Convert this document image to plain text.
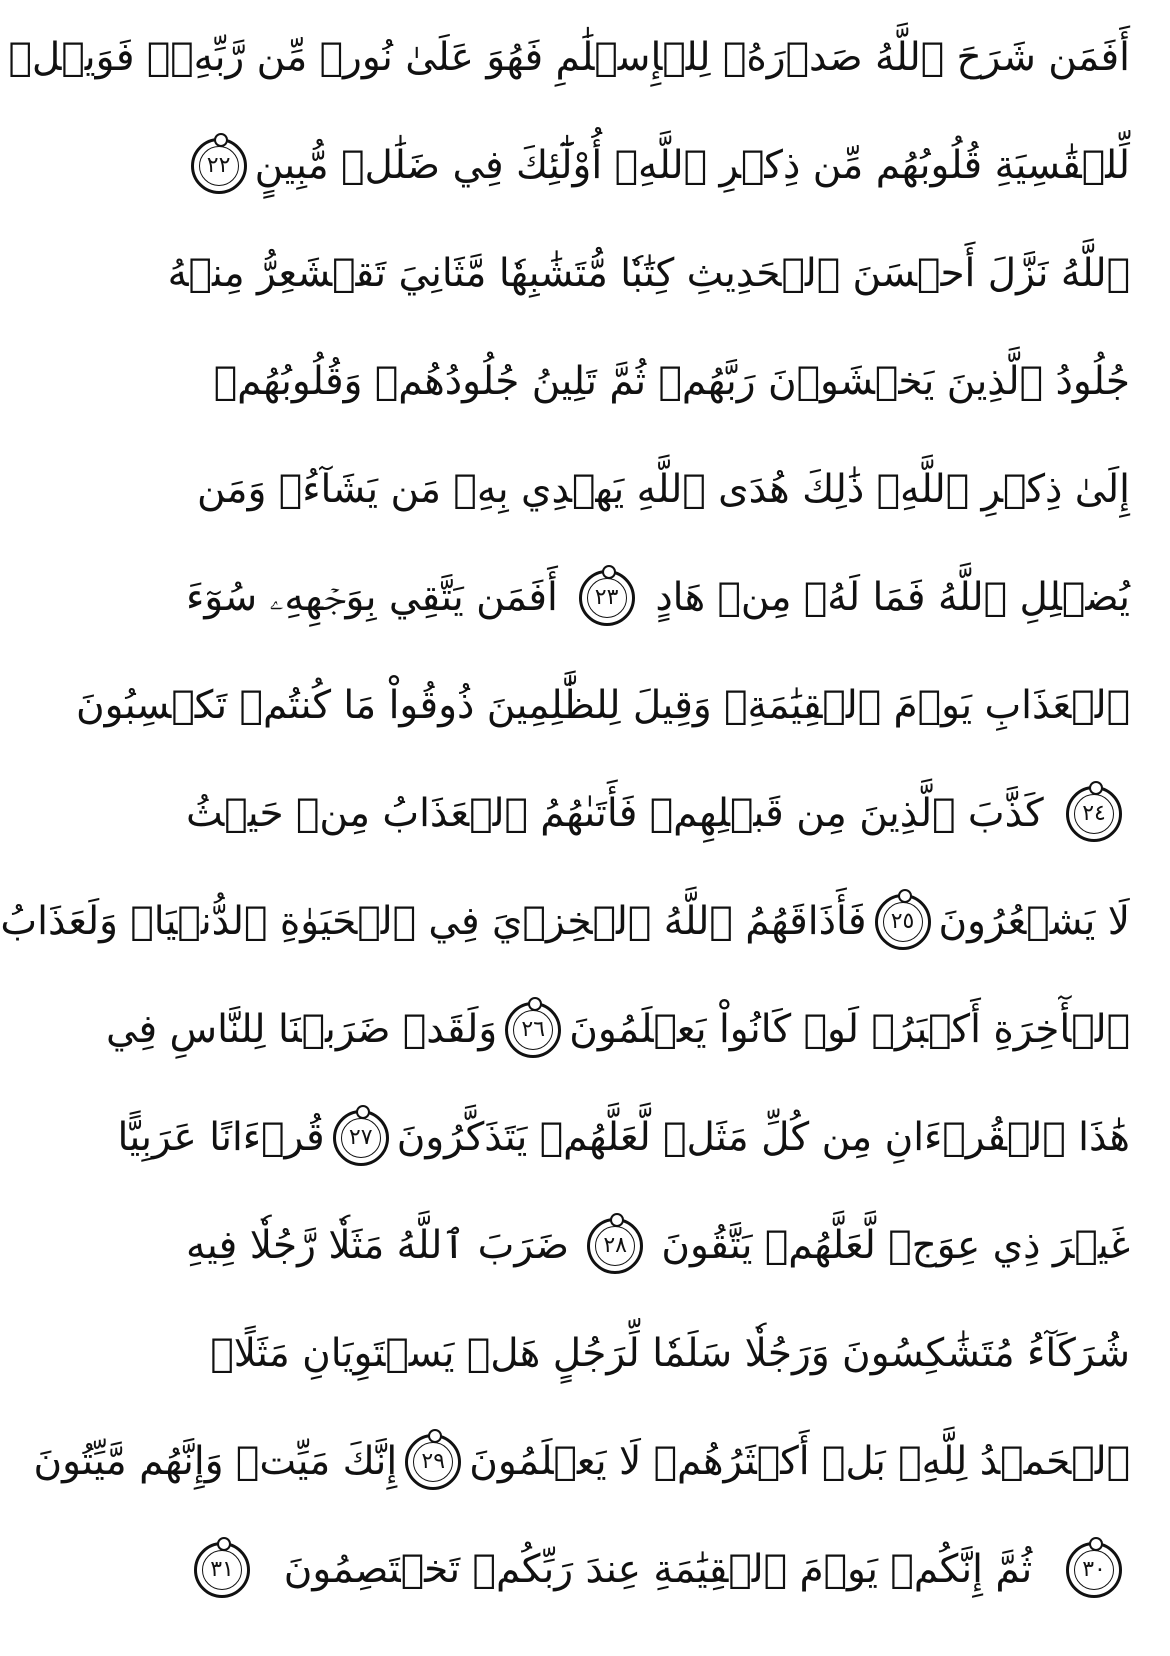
أَفَمَن شَرَحَ ٱللَّهُ صَدۡرَهُۥ لِلۡإِسۡلَٰمِ فَهُوَ عَلَىٰ نُورٖ مِّن رَّبِّهِۦۚ فَوَيۡلٞ
لِّلۡقَٰسِيَةِ قُلُوبُهُم مِّن ذِكۡرِ ٱللَّهِۚ أُوْلَٰٓئِكَ فِي ضَلَٰلٖ مُّبِينٍ
٢٢
ٱللَّهُ نَزَّلَ أَحۡسَنَ ٱلۡحَدِيثِ كِتَٰبٗا مُّتَشَٰبِهٗا مَّثَانِيَ تَقۡشَعِرُّ مِنۡهُ
جُلُودُ ٱلَّذِينَ يَخۡشَوۡنَ رَبَّهُمۡ ثُمَّ تَلِينُ جُلُودُهُمۡ وَقُلُوبُهُمۡ
إِلَىٰ ذِكۡرِ ٱللَّهِۚ ذَٰلِكَ هُدَى ٱللَّهِ يَهۡدِي بِهِۦ مَن يَشَآءُۚ وَمَن
يُضۡلِلِ ٱللَّهُ فَمَا لَهُۥ مِنۡ هَادٍ
٢٣
أَفَمَن يَتَّقِي بِوَجۡهِهِۦ سُوٓءَ
ٱلۡعَذَابِ يَوۡمَ ٱلۡقِيَٰمَةِۚ وَقِيلَ لِلظَّٰلِمِينَ ذُوقُواْ مَا كُنتُمۡ تَكۡسِبُونَ
٢٤
كَذَّبَ ٱلَّذِينَ مِن قَبۡلِهِمۡ فَأَتَىٰهُمُ ٱلۡعَذَابُ مِنۡ حَيۡثُ
لَا يَشۡعُرُونَ
٢٥
فَأَذَاقَهُمُ ٱللَّهُ ٱلۡخِزۡيَ فِي ٱلۡحَيَوٰةِ ٱلدُّنۡيَاۖ وَلَعَذَابُ
ٱلۡأٓخِرَةِ أَكۡبَرُۚ لَوۡ كَانُواْ يَعۡلَمُونَ
٢٦
وَلَقَدۡ ضَرَبۡنَا لِلنَّاسِ فِي
هَٰذَا ٱلۡقُرۡءَانِ مِن كُلِّ مَثَلٖ لَّعَلَّهُمۡ يَتَذَكَّرُونَ
٢٧
قُرۡءَانًا عَرَبِيًّا
غَيۡرَ ذِي عِوَجٖ لَّعَلَّهُمۡ يَتَّقُونَ
٢٨
ضَرَبَ ٱللَّهُ مَثَلٗا رَّجُلٗا فِيهِ
شُرَكَآءُ مُتَشَٰكِسُونَ وَرَجُلٗا سَلَمٗا لِّرَجُلٍ هَلۡ يَسۡتَوِيَانِ مَثَلًاۚ
ٱلۡحَمۡدُ لِلَّهِۚ بَلۡ أَكۡثَرُهُمۡ لَا يَعۡلَمُونَ
٢٩
إِنَّكَ مَيِّتٞ وَإِنَّهُم مَّيِّتُونَ
٣٠
ثُمَّ إِنَّكُمۡ يَوۡمَ ٱلۡقِيَٰمَةِ عِندَ رَبِّكُمۡ تَخۡتَصِمُونَ
٣١
